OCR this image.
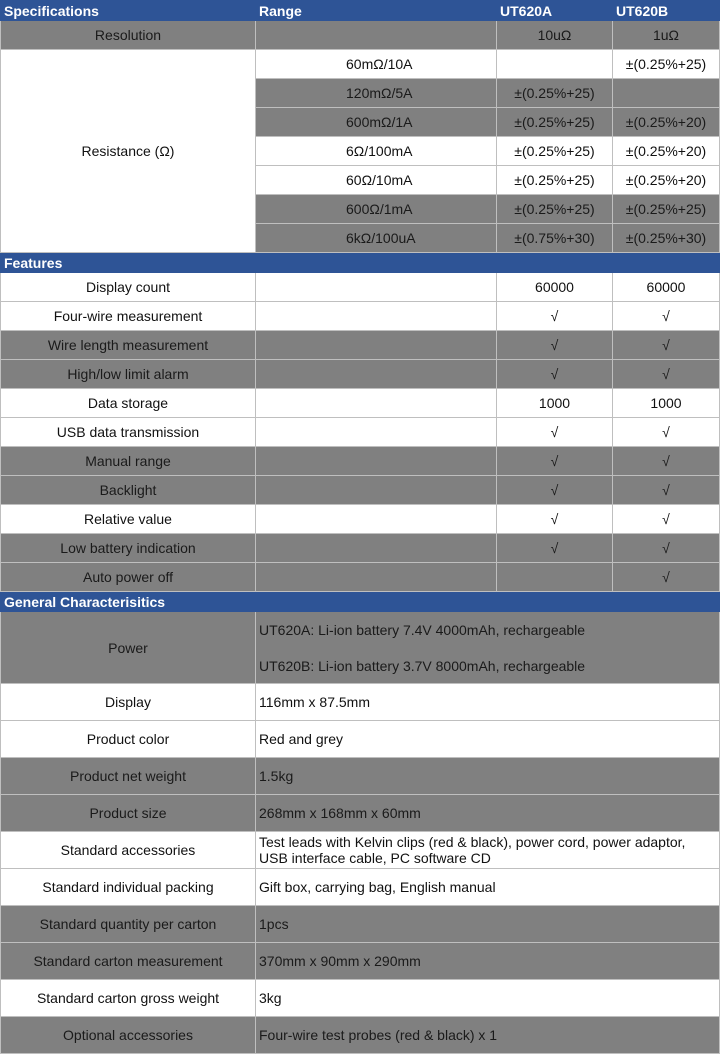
Specifications	Range	UT620A	UT620B
Resolution		10uΩ	1uΩ
Resistance (Ω)	60mΩ/10A		±(0.25%+25)
	120mΩ/5A	±(0.25%+25)	
	600mΩ/1A	±(0.25%+25)	±(0.25%+20)
	6Ω/100mA	±(0.25%+25)	±(0.25%+20)
	60Ω/10mA	±(0.25%+25)	±(0.25%+20)
	600Ω/1mA	±(0.25%+25)	±(0.25%+25)
	6kΩ/100uA	±(0.75%+30)	±(0.25%+30)
Features			
Display count		60000	60000
Four-wire measurement		√	√
Wire length measurement		√	√
High/low limit alarm		√	√
Data storage		1000	1000
USB data transmission		√	√
Manual range		√	√
Backlight		√	√
Relative value		√	√
Low battery indication		√	√
Auto power off			√
General Characterisitics			
Power	UT620A: Li-ion battery 7.4V 4000mAh, rechargeable
UT620B: Li-ion battery 3.7V 8000mAh, rechargeable		

Display	116mm x 87.5mm		
Product color	Red and grey		
Product net weight	1.5kg		
Product size	268mm x 168mm x 60mm		
Standard accessories	Test leads with Kelvin clips (red & black), power cord, power adaptor, USB interface cable, PC software CD		
Standard individual packing	Gift box, carrying bag, English manual		
Standard quantity per carton	1pcs		
Standard carton measurement	370mm x 90mm x 290mm		
Standard carton gross weight	3kg		
Optional accessories	Four-wire test probes (red & black) x 1		
